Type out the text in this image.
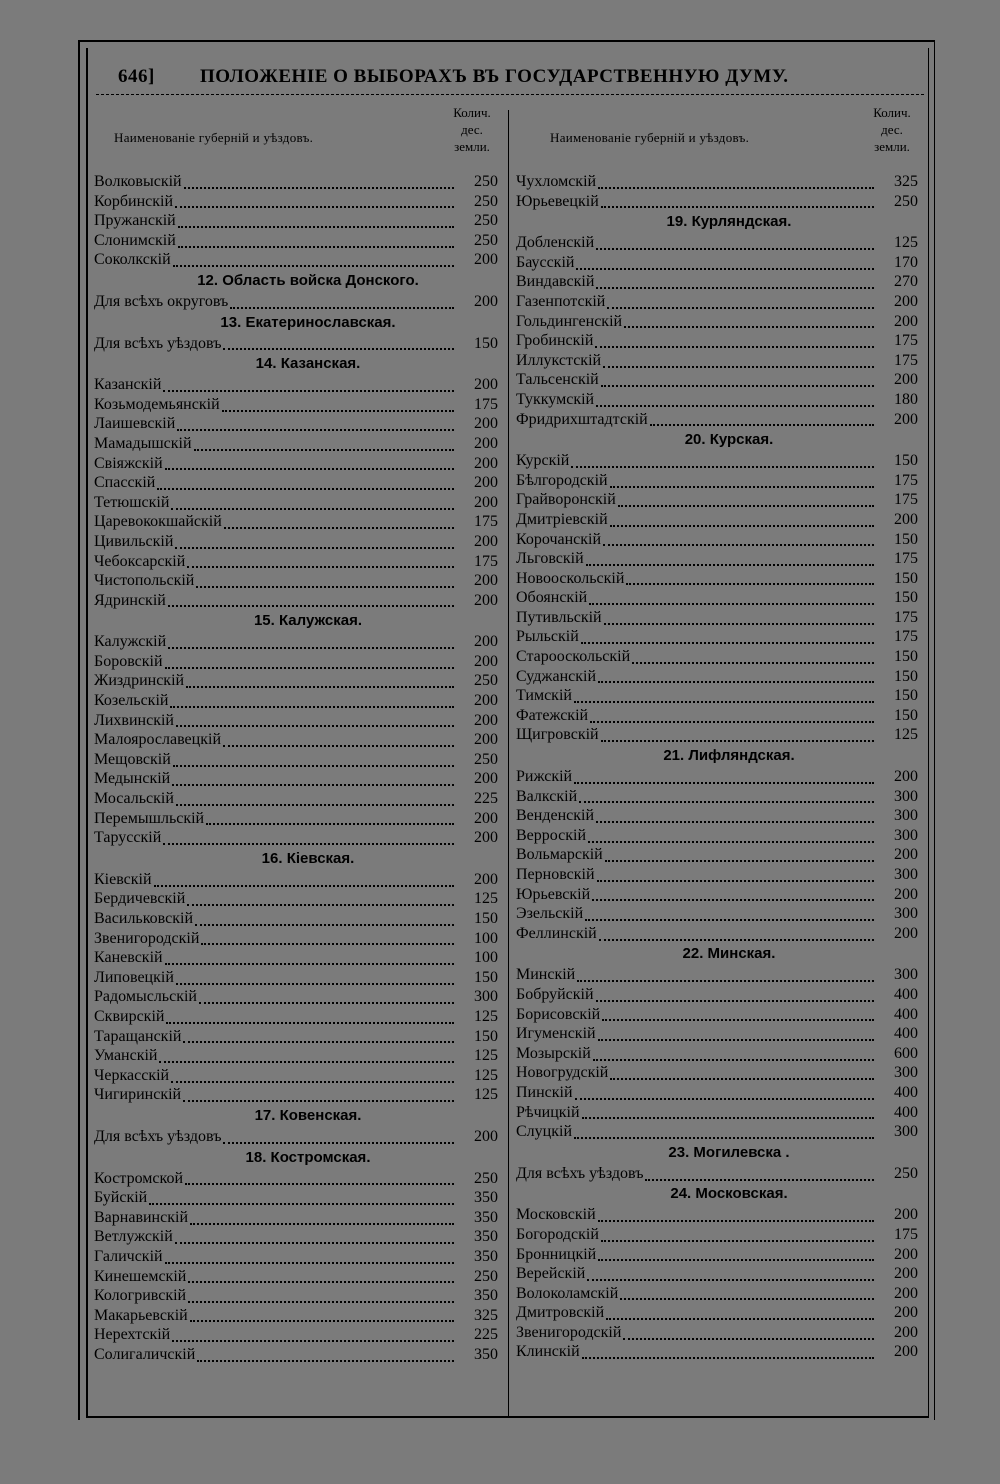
646] ПОЛОЖЕНІЕ О ВЫБОРАХЪ ВЪ ГОСУДАРСТВЕННУЮ ДУМУ.
Наименованіе губерній и уѣздовъ.
Колич.
дес.
земли.
Волковыскій	250
Корбинскій	250
Пружанскій	250
Слонимскій	250
Соколкскій	200
12. Область войска Донского.
Для всѣхъ округовъ	200
13. Екатеринославская.
Для всѣхъ уѣздовъ	150
14. Казанская.
Казанскій	200
Козьмодемьянскій	175
Лаишевскій	200
Мамадышскій	200
Свіяжскій	200
Спасскій	200
Тетюшскій	200
Царевококшайскій	175
Цивильскій	200
Чебоксарскій	175
Чистопольскій	200
Ядринскій	200
15. Калужская.
Калужскій	200
Боровскій	200
Жиздринскій	250
Козельскій	200
Лихвинскій	200
Малоярославецкій	200
Мещовскій	250
Медынскій	200
Мосальскій	225
Перемышльскій	200
Тарусскій	200
16. Кіевская.
Кіевскій	200
Бердичевскій	125
Васильковскій	150
Звенигородскій	100
Каневскій	100
Липовецкій	150
Радомысльскій	300
Сквирскій	125
Таращанскій	150
Уманскій	125
Черкасскій	125
Чигиринскій	125
17. Ковенская.
Для всѣхъ уѣздовъ	200
18. Костромская.
Костромской	250
Буйскій	350
Варнавинскій	350
Ветлужскій	350
Галичскій	350
Кинешемскій	250
Кологривскій	350
Макарьевскій	325
Нерехтскій	225
Солигаличскій	350
Наименованіе губерній и уѣздовъ.
Колич.
дес.
земли.
Чухломскій	325
Юрьевецкій	250
19. Курляндская.
Добленскій	125
Баусскій	170
Виндавскій	270
Газенпотскій	200
Гольдингенскій	200
Гробинскій	175
Иллукстскій	175
Тальсенскій	200
Туккумскій	180
Фридрихштадтскій	200
20. Курская.
Курскій	150
Бѣлгородскій	175
Грайворонскій	175
Дмитріевскій	200
Корочанскій	150
Льговскій	175
Новооскольскій	150
Обоянскій	150
Путивльскій	175
Рыльскій	175
Старооскольскій	150
Суджанскій	150
Тимскій	150
Фатежскій	150
Щигровскій	125
21. Лифляндская.
Рижскій	200
Валкскій	300
Венденскій	300
Верроскій	300
Вольмарскій	200
Перновскій	300
Юрьевскій	200
Эзельскій	300
Феллинскій	200
22. Минская.
Минскій	300
Бобруйскій	400
Борисовскій	400
Игуменскій	400
Мозырскій	600
Новогрудскій	300
Пинскій	400
Рѣчицкій	400
Слуцкій	300
23. Могилевска .
Для всѣхъ уѣздовъ	250
24. Московская.
Московскій	200
Богородскій	175
Бронницкій	200
Верейскій	200
Волоколамскій	200
Дмитровскій	200
Звенигородскій	200
Клинскій	200
